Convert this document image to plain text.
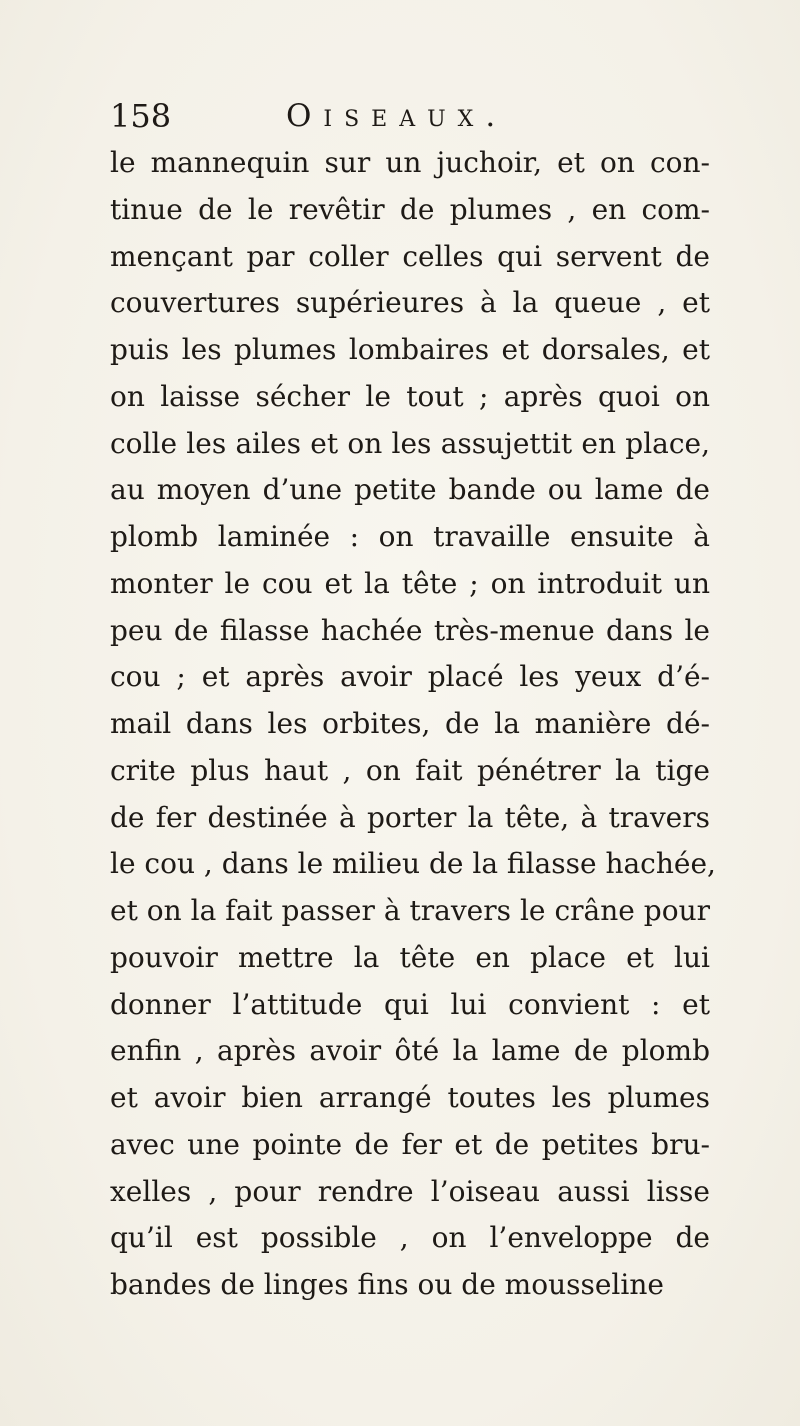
158	Oiseaux.
le mannequin sur un juchoir, et on con-
tinue de le revêtir de plumes , en com-
mençant par coller celles qui servent de
couvertures supérieures à la queue , et
puis les plumes lombaires et dorsales, et
on laisse sécher le tout ; après quoi on
colle les ailes et on les assujettit en place,
au moyen d’une petite bande ou lame de
plomb laminée : on travaille ensuite à
monter le cou et la tête ; on introduit un
peu de filasse hachée très-menue dans le
cou ; et après avoir placé les yeux d’é-
mail dans les orbites, de la manière dé-
crite plus haut , on fait pénétrer la tige
de fer destinée à porter la tête, à travers
le cou , dans le milieu de la filasse hachée,
et on la fait passer à travers le crâne pour
pouvoir mettre la tête en place et lui
donner l’attitude qui lui convient : et
enfin , après avoir ôté la lame de plomb
et avoir bien arrangé toutes les plumes
avec une pointe de fer et de petites bru-
xelles , pour rendre l’oiseau aussi lisse
qu’il est possible , on l’enveloppe de
bandes de linges fins ou de mousseline
